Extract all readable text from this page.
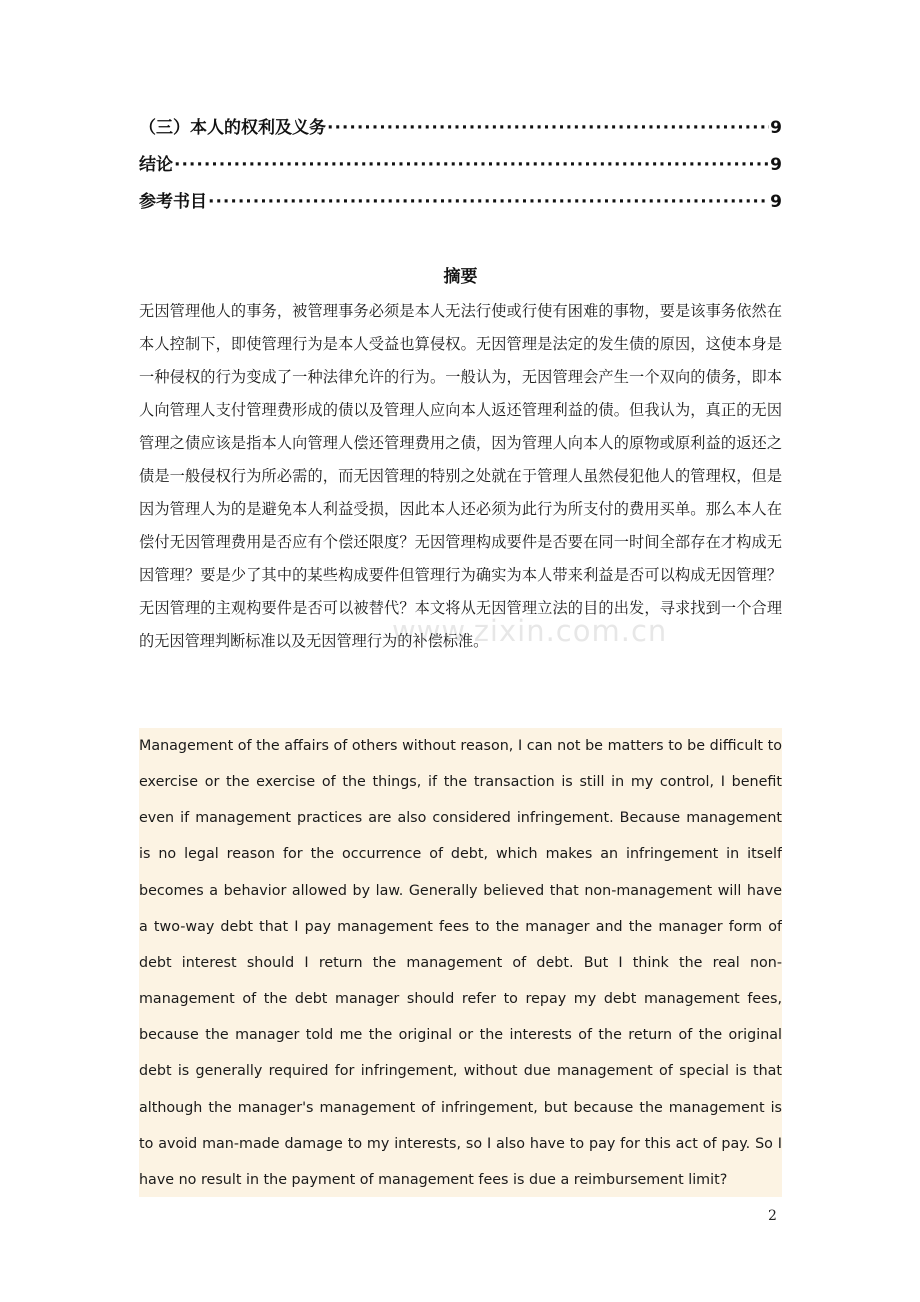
（三）本人的权利及义务 ·····	9
结论 ·····	9
参考书目 ·····	9
摘要
无因管理他人的事务，被管理事务必须是本人无法行使或行使有困难的事物，要是该事务依然在本人控制下，即使管理行为是本人受益也算侵权。无因管理是法定的发生债的原因，这使本身是一种侵权的行为变成了一种法律允许的行为。一般认为，无因管理会产生一个双向的债务，即本人向管理人支付管理费形成的债以及管理人应向本人返还管理利益的债。但我认为，真正的无因管理之债应该是指本人向管理人偿还管理费用之债，因为管理人向本人的原物或原利益的返还之债是一般侵权行为所必需的，而无因管理的特别之处就在于管理人虽然侵犯他人的管理权，但是因为管理人为的是避免本人利益受损，因此本人还必须为此行为所支付的费用买单。那么本人在偿付无因管理费用是否应有个偿还限度？无因管理构成要件是否要在同一时间全部存在才构成无因管理？要是少了其中的某些构成要件但管理行为确实为本人带来利益是否可以构成无因管理？无因管理的主观构要件是否可以被替代？本文将从无因管理立法的目的出发，寻求找到一个合理的无因管理判断标准以及无因管理行为的补偿标准。
Management of the affairs of others without reason, I can not be matters to be difficult to exercise or the exercise of the things, if the transaction is still in my control, I benefit even if management practices are also considered infringement. Because management is no legal reason for the occurrence of debt, which makes an infringement in itself becomes a behavior allowed by law. Generally believed that non-management will have a two-way debt that I pay management fees to the manager and the manager form of debt interest should I return the management of debt. But I think the real non-management of the debt manager should refer to repay my debt management fees, because the manager told me the original or the interests of the return of the original debt is generally required for infringement, without due management of special is that although the manager's management of infringement, but because the management is to avoid man-made damage to my interests, so I also have to pay for this act of pay. So I have no result in the payment of management fees is due a reimbursement limit?
www.zixin.com.cn
2
